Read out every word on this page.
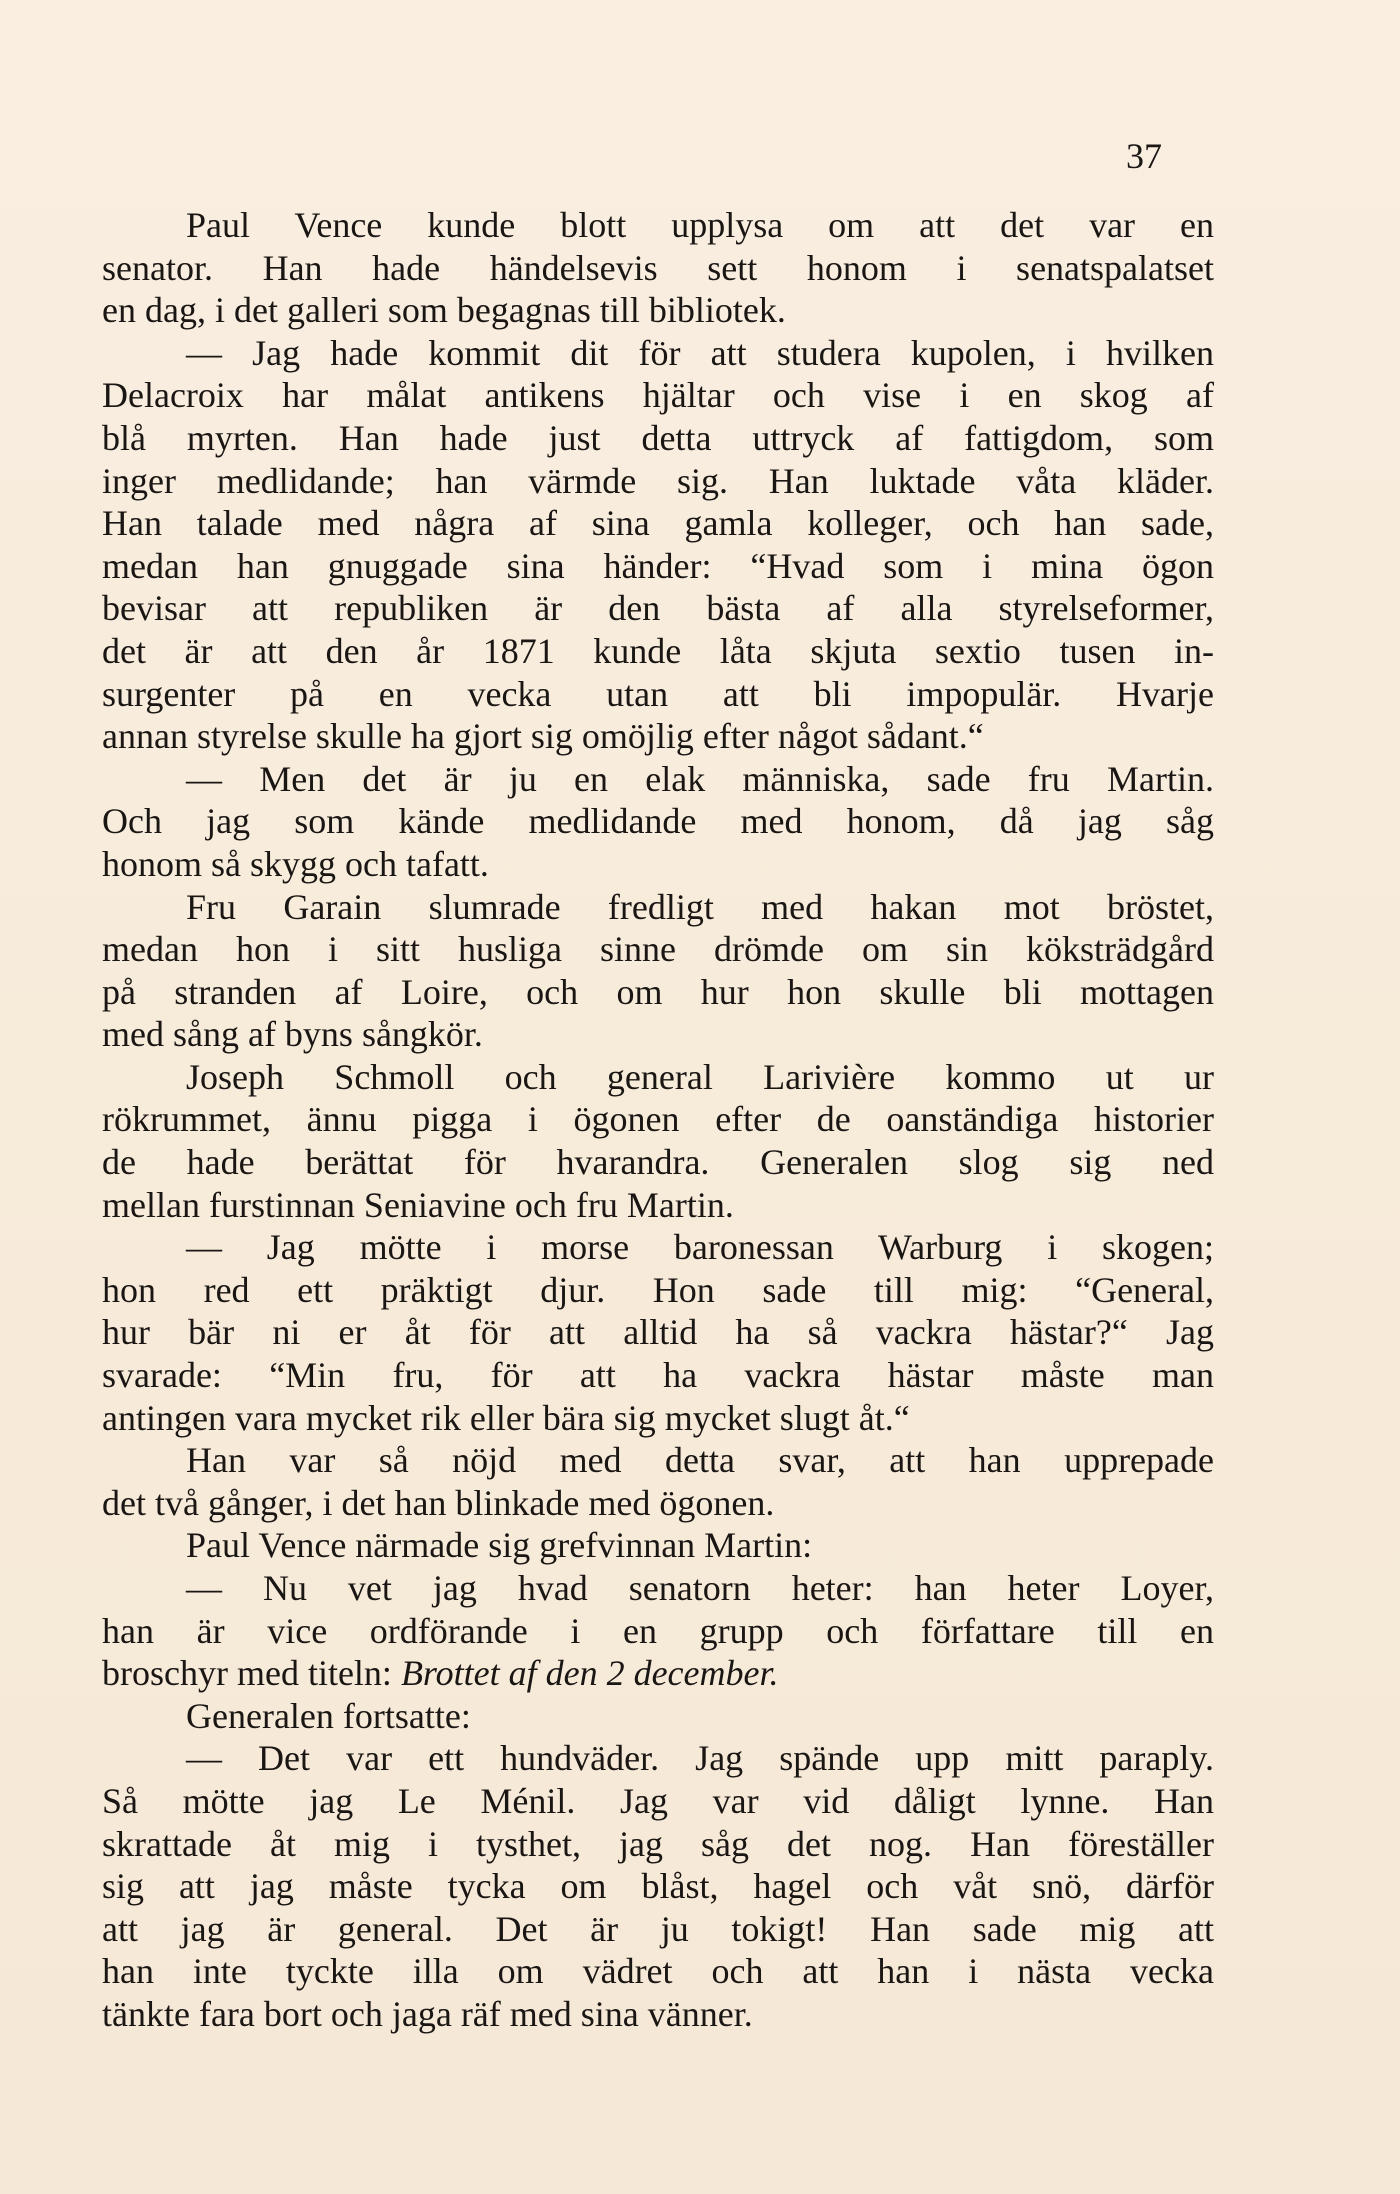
37
Paul Vence kunde blott upplysa om att det var en
senator. Han hade händelsevis sett honom i senatspalatset
en dag, i det galleri som begagnas till bibliotek.
— Jag hade kommit dit för att studera kupolen, i hvilken
Delacroix har målat antikens hjältar och vise i en skog af
blå myrten. Han hade just detta uttryck af fattigdom, som
inger medlidande; han värmde sig. Han luktade våta kläder.
Han talade med några af sina gamla kolleger, och han sade,
medan han gnuggade sina händer: “Hvad som i mina ögon
bevisar att republiken är den bästa af alla styrelseformer,
det är att den år 1871 kunde låta skjuta sextio tusen in-
surgenter på en vecka utan att bli impopulär. Hvarje
annan styrelse skulle ha gjort sig omöjlig efter något sådant.“
— Men det är ju en elak människa, sade fru Martin.
Och jag som kände medlidande med honom, då jag såg
honom så skygg och tafatt.
Fru Garain slumrade fredligt med hakan mot bröstet,
medan hon i sitt husliga sinne drömde om sin köksträdgård
på stranden af Loire, och om hur hon skulle bli mottagen
med sång af byns sångkör.
Joseph Schmoll och general Larivière kommo ut ur
rökrummet, ännu pigga i ögonen efter de oanständiga historier
de hade berättat för hvarandra. Generalen slog sig ned
mellan furstinnan Seniavine och fru Martin.
— Jag mötte i morse baronessan Warburg i skogen;
hon red ett präktigt djur. Hon sade till mig: “General,
hur bär ni er åt för att alltid ha så vackra hästar?“ Jag
svarade: “Min fru, för att ha vackra hästar måste man
antingen vara mycket rik eller bära sig mycket slugt åt.“
Han var så nöjd med detta svar, att han upprepade
det två gånger, i det han blinkade med ögonen.
Paul Vence närmade sig grefvinnan Martin:
— Nu vet jag hvad senatorn heter: han heter Loyer,
han är vice ordförande i en grupp och författare till en
broschyr med titeln: Brottet af den 2 december.
Generalen fortsatte:
— Det var ett hundväder. Jag spände upp mitt paraply.
Så mötte jag Le Ménil. Jag var vid dåligt lynne. Han
skrattade åt mig i tysthet, jag såg det nog. Han föreställer
sig att jag måste tycka om blåst, hagel och våt snö, därför
att jag är general. Det är ju tokigt! Han sade mig att
han inte tyckte illa om vädret och att han i nästa vecka
tänkte fara bort och jaga räf med sina vänner.
